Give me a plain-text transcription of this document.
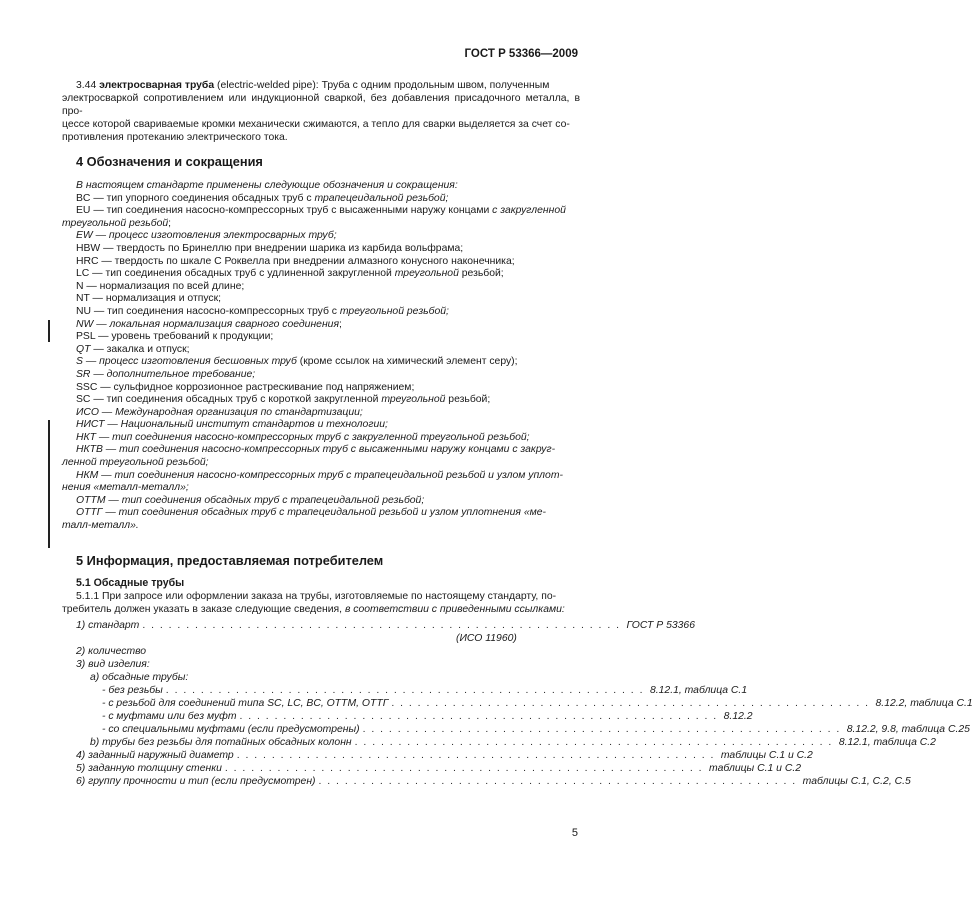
ГОСТ Р 53366—2009

3.44 электросварная труба (electric-welded pipe): Труба с одним продольным швом, полученным

электросваркой сопротивлением или индукционной сваркой, без добавления присадочного металла, в про-

цессе которой свариваемые кромки механически сжимаются, а тепло для сварки выделяется за счет со-

противления протеканию электрического тока.

4 Обозначения и сокращения

В настоящем стандарте применены следующие обозначения и сокращения:

BC — тип упорного соединения обсадных труб с трапецеидальной резьбой;

EU — тип соединения насосно-компрессорных труб с высаженными наружу концами с закругленной

треугольной резьбой;

EW — процесс изготовления электросварных труб;

HBW — твердость по Бринеллю при внедрении шарика из карбида вольфрама;

HRC — твердость по шкале С Роквелла при внедрении алмазного конусного наконечника;

LC — тип соединения обсадных труб с удлиненной закругленной треугольной резьбой;

N — нормализация по всей длине;

NT — нормализация и отпуск;

NU — тип соединения насосно-компрессорных труб с треугольной резьбой;

NW — локальная нормализация сварного соединения;

PSL — уровень требований к продукции;

QT — закалка и отпуск;

S — процесс изготовления бесшовных труб (кроме ссылок на химический элемент серу);

SR — дополнительное требование;

SSC — сульфидное коррозионное растрескивание под напряжением;

SC — тип соединения обсадных труб с короткой закругленной треугольной резьбой;

ИСО — Международная организация по стандартизации;

НИСТ — Национальный институт стандартов и технологии;

НКТ — тип соединения насосно-компрессорных труб с закругленной треугольной резьбой;

НКТВ — тип соединения насосно-компрессорных труб с высаженными наружу концами с закруг-

ленной треугольной резьбой;

НКМ — тип соединения насосно-компрессорных труб с трапецеидальной резьбой и узлом уплот-

нения «металл-металл»;

ОТТМ — тип соединения обсадных труб с трапецеидальной резьбой;

ОТТГ — тип соединения обсадных труб с трапецеидальной резьбой и узлом уплотнения «ме-

талл-металл».

5 Информация, предоставляемая потребителем
5.1 Обсадные трубы

5.1.1 При запросе или оформлении заказа на трубы, изготовляемые по настоящему стандарту, по-

требитель должен указать в заказе следующие сведения, в соответствии с приведенными ссылками:

1) стандарт . . . . . . . . . . . . . . . . . . . . . . . . . . . . . . . . . . . . . . . . . . . . . . . . . . . . . . . ГОСТ Р 53366
(ИСО 11960)
2) количество
3) вид изделия:
а) обсадные трубы:
- без резьбы . . . . . . . . . . . . . . . . . . . . . . . . . . . . . . . . . . . . . . . . . . . . . . . . . . . . . . . 8.12.1, таблица С.1
- с резьбой для соединений типа SC, LC, BC, ОТТМ, ОТТГ . . . . . . . . . . . . . . . . . . . . . . . . . . . . . . . . . . . . . . . . . . . . . . . . . . . . . . . 8.12.2, таблица С.1
- с муфтами или без муфт . . . . . . . . . . . . . . . . . . . . . . . . . . . . . . . . . . . . . . . . . . . . . . . . . . . . . . . 8.12.2
- со специальными муфтами (если предусмотрены) . . . . . . . . . . . . . . . . . . . . . . . . . . . . . . . . . . . . . . . . . . . . . . . . . . . . . . . 8.12.2, 9.8, таблица С.25
b) трубы без резьбы для потайных обсадных колонн . . . . . . . . . . . . . . . . . . . . . . . . . . . . . . . . . . . . . . . . . . . . . . . . . . . . . . . 8.12.1, таблица С.2
4) заданный наружный диаметр . . . . . . . . . . . . . . . . . . . . . . . . . . . . . . . . . . . . . . . . . . . . . . . . . . . . . . . таблицы С.1 и С.2
5) заданную толщину стенки . . . . . . . . . . . . . . . . . . . . . . . . . . . . . . . . . . . . . . . . . . . . . . . . . . . . . . . таблицы С.1 и С.2
6) группу прочности и тип (если предусмотрен) . . . . . . . . . . . . . . . . . . . . . . . . . . . . . . . . . . . . . . . . . . . . . . . . . . . . . . . таблицы С.1, С.2, С.5
5
